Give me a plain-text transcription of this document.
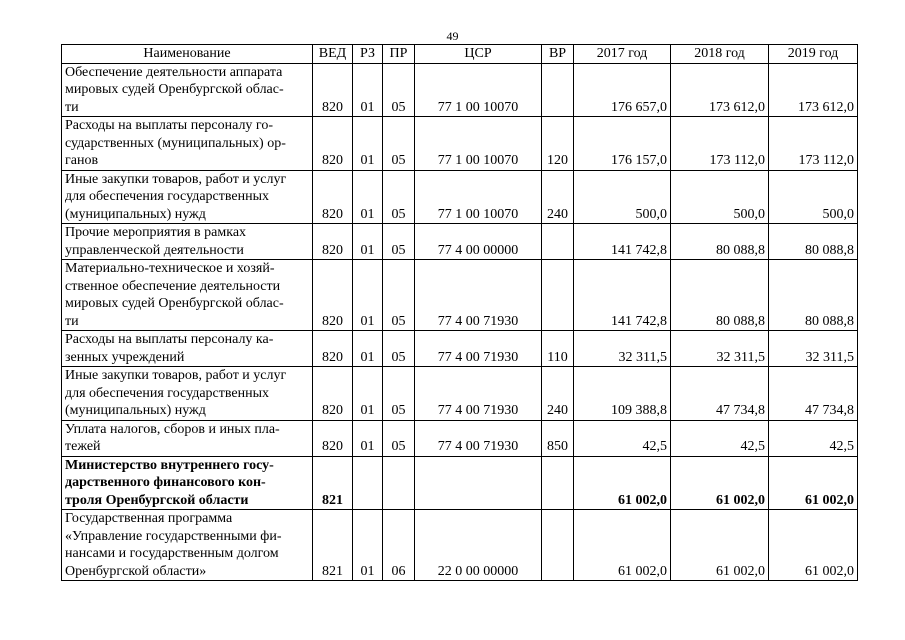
49
Наименование	ВЕД	РЗ	ПР	ЦСР	ВР	2017 год	2018 год	2019 год
Обеспечение деятельности аппарата
мировых судей Оренбургской облас-
ти	820	01	05	77 1 00 10070		176 657,0	173 612,0	173 612,0
Расходы на выплаты персоналу го-
сударственных (муниципальных) ор-
ганов	820	01	05	77 1 00 10070	120	176 157,0	173 112,0	173 112,0
Иные закупки товаров, работ и услуг
для обеспечения государственных
(муниципальных) нужд	820	01	05	77 1 00 10070	240	500,0	500,0	500,0
Прочие мероприятия в рамках
управленческой деятельности	820	01	05	77 4 00 00000		141 742,8	80 088,8	80 088,8
Материально-техническое и хозяй-
ственное обеспечение деятельности
мировых судей Оренбургской облас-
ти	820	01	05	77 4 00 71930		141 742,8	80 088,8	80 088,8
Расходы на выплаты персоналу ка-
зенных учреждений	820	01	05	77 4 00 71930	110	32 311,5	32 311,5	32 311,5
Иные закупки товаров, работ и услуг
для обеспечения государственных
(муниципальных) нужд	820	01	05	77 4 00 71930	240	109 388,8	47 734,8	47 734,8
Уплата налогов, сборов и иных пла-
тежей	820	01	05	77 4 00 71930	850	42,5	42,5	42,5
Министерство внутреннего госу-
дарственного финансового кон-
троля Оренбургской области	821					61 002,0	61 002,0	61 002,0
Государственная программа
«Управление государственными фи-
нансами и государственным долгом
Оренбургской области»	821	01	06	22 0 00 00000		61 002,0	61 002,0	61 002,0
